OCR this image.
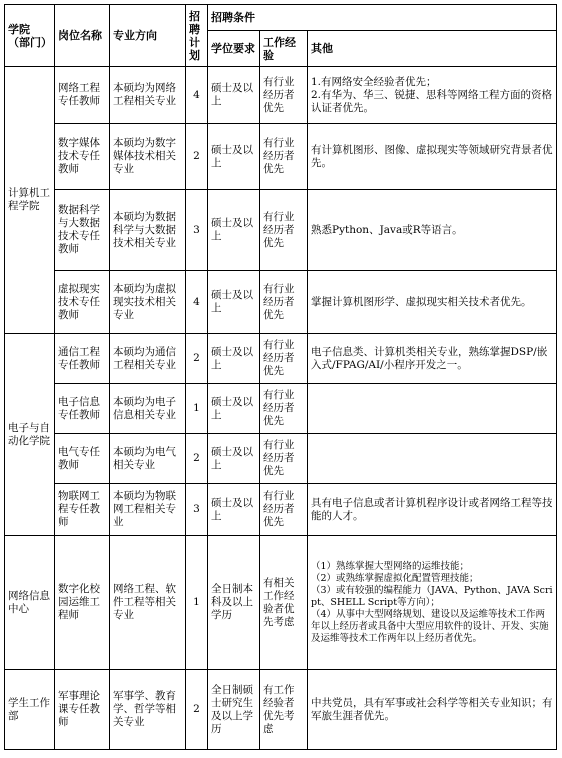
学院（部门）	岗位名称	专业方向	招聘计划	招聘条件		
				学位要求	工作经验	其他
计算机工程学院	网络工程专任教师	本硕均为网络工程相关专业	4	硕士及以上	有行业经历者优先	1.有网络安全经验者优先；
2.有华为、华三、锐捷、思科等网络工程方面的资格认证者优先。
	数字媒体技术专任教师	本硕均为数字媒体技术相关专业	2	硕士及以上	有行业经历者优先	有计算机图形、图像、虚拟现实等领域研究背景者优先。
	数据科学与大数据技术专任教师	本硕均为数据科学与大数据技术相关专业	3	硕士及以上	有行业经历者优先	熟悉Python、Java或R等语言。
	虚拟现实技术专任教师	本硕均为虚拟现实技术相关专业	4	硕士及以上	有行业经历者优先	掌握计算机图形学、虚拟现实相关技术者优先。
电子与自动化学院	通信工程专任教师	本硕均为通信工程相关专业	2	硕士及以上	有行业经历者优先	电子信息类、计算机类相关专业，熟练掌握DSP/嵌入式/FPAG/AI/小程序开发之一。
	电子信息专任教师	本硕均为电子信息相关专业	1	硕士及以上	有行业经历者优先	
	电气专任教师	本硕均为电气相关专业	2	硕士及以上	有行业经历者优先	
	物联网工程专任教师	本硕均为物联网工程相关专业	3	硕士及以上	有行业经历者优先	具有电子信息或者计算机程序设计或者网络工程等技能的人才。
网络信息中心	数字化校园运维工程师	网络工程、软件工程等相关专业	1	全日制本科及以上学历	有相关工作经验者优先考虑	（1）熟练掌握大型网络的运维技能；
（2）或熟练掌握虚拟化配置管理技能；
（3）或有较强的编程能力（JAVA、Python、JAVA Script、SHELL Script等方向）；
（4）从事中大型网络规划、建设以及运维等技术工作两年以上经历者或具备中大型应用软件的设计、开发、实施及运维等技术工作两年以上经历者优先。
学生工作部	军事理论课专任教师	军事学、教育学、哲学等相关专业	2	全日制硕士研究生及以上学历	有工作经验者优先考虑	中共党员，具有军事或社会科学等相关专业知识；有军旅生涯者优先。
